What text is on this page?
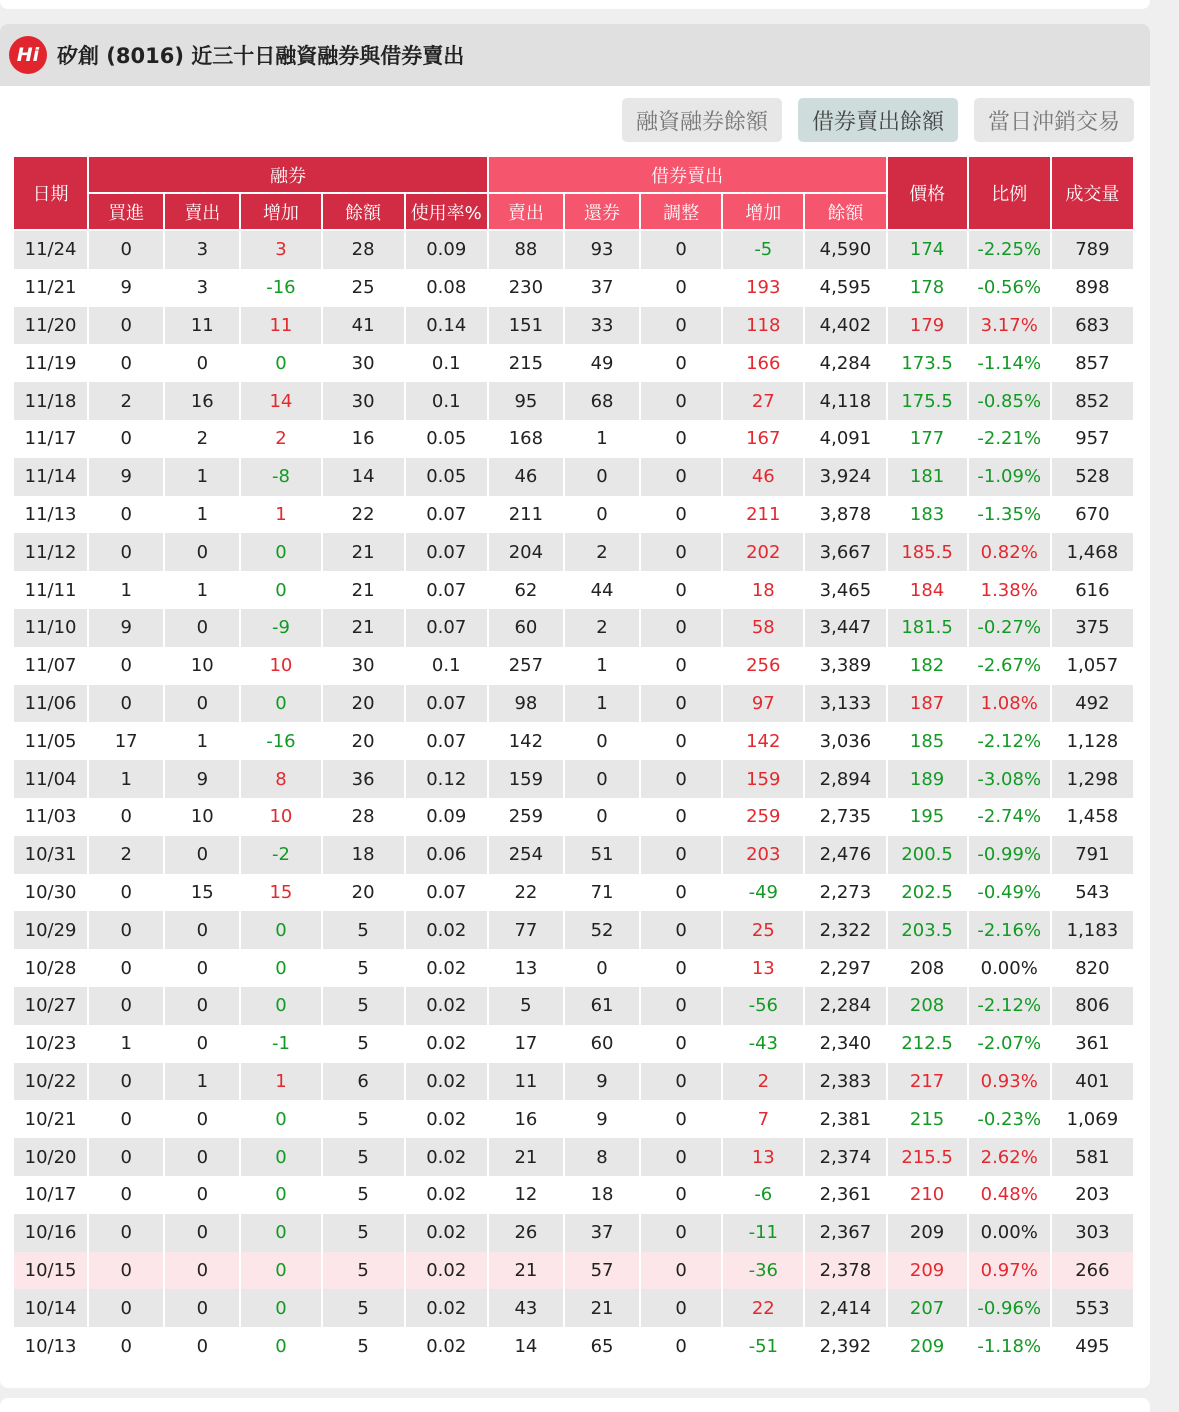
Hi 矽創 (8016) 近三十日融資融券與借券賣出
融資融券餘額	借券賣出餘額	當日沖銷交易
日期	融券					借券賣出					價格	比例	成交量
	買進	賣出	增加	餘額	使用率%	賣出	還券	調整	增加	餘額			
11/24	0	3	3	28	0.09	88	93	0	-5	4,590	174	-2.25%	789
11/21	9	3	-16	25	0.08	230	37	0	193	4,595	178	-0.56%	898
11/20	0	11	11	41	0.14	151	33	0	118	4,402	179	3.17%	683
11/19	0	0	0	30	0.1	215	49	0	166	4,284	173.5	-1.14%	857
11/18	2	16	14	30	0.1	95	68	0	27	4,118	175.5	-0.85%	852
11/17	0	2	2	16	0.05	168	1	0	167	4,091	177	-2.21%	957
11/14	9	1	-8	14	0.05	46	0	0	46	3,924	181	-1.09%	528
11/13	0	1	1	22	0.07	211	0	0	211	3,878	183	-1.35%	670
11/12	0	0	0	21	0.07	204	2	0	202	3,667	185.5	0.82%	1,468
11/11	1	1	0	21	0.07	62	44	0	18	3,465	184	1.38%	616
11/10	9	0	-9	21	0.07	60	2	0	58	3,447	181.5	-0.27%	375
11/07	0	10	10	30	0.1	257	1	0	256	3,389	182	-2.67%	1,057
11/06	0	0	0	20	0.07	98	1	0	97	3,133	187	1.08%	492
11/05	17	1	-16	20	0.07	142	0	0	142	3,036	185	-2.12%	1,128
11/04	1	9	8	36	0.12	159	0	0	159	2,894	189	-3.08%	1,298
11/03	0	10	10	28	0.09	259	0	0	259	2,735	195	-2.74%	1,458
10/31	2	0	-2	18	0.06	254	51	0	203	2,476	200.5	-0.99%	791
10/30	0	15	15	20	0.07	22	71	0	-49	2,273	202.5	-0.49%	543
10/29	0	0	0	5	0.02	77	52	0	25	2,322	203.5	-2.16%	1,183
10/28	0	0	0	5	0.02	13	0	0	13	2,297	208	0.00%	820
10/27	0	0	0	5	0.02	5	61	0	-56	2,284	208	-2.12%	806
10/23	1	0	-1	5	0.02	17	60	0	-43	2,340	212.5	-2.07%	361
10/22	0	1	1	6	0.02	11	9	0	2	2,383	217	0.93%	401
10/21	0	0	0	5	0.02	16	9	0	7	2,381	215	-0.23%	1,069
10/20	0	0	0	5	0.02	21	8	0	13	2,374	215.5	2.62%	581
10/17	0	0	0	5	0.02	12	18	0	-6	2,361	210	0.48%	203
10/16	0	0	0	5	0.02	26	37	0	-11	2,367	209	0.00%	303
10/15	0	0	0	5	0.02	21	57	0	-36	2,378	209	0.97%	266
10/14	0	0	0	5	0.02	43	21	0	22	2,414	207	-0.96%	553
10/13	0	0	0	5	0.02	14	65	0	-51	2,392	209	-1.18%	495
